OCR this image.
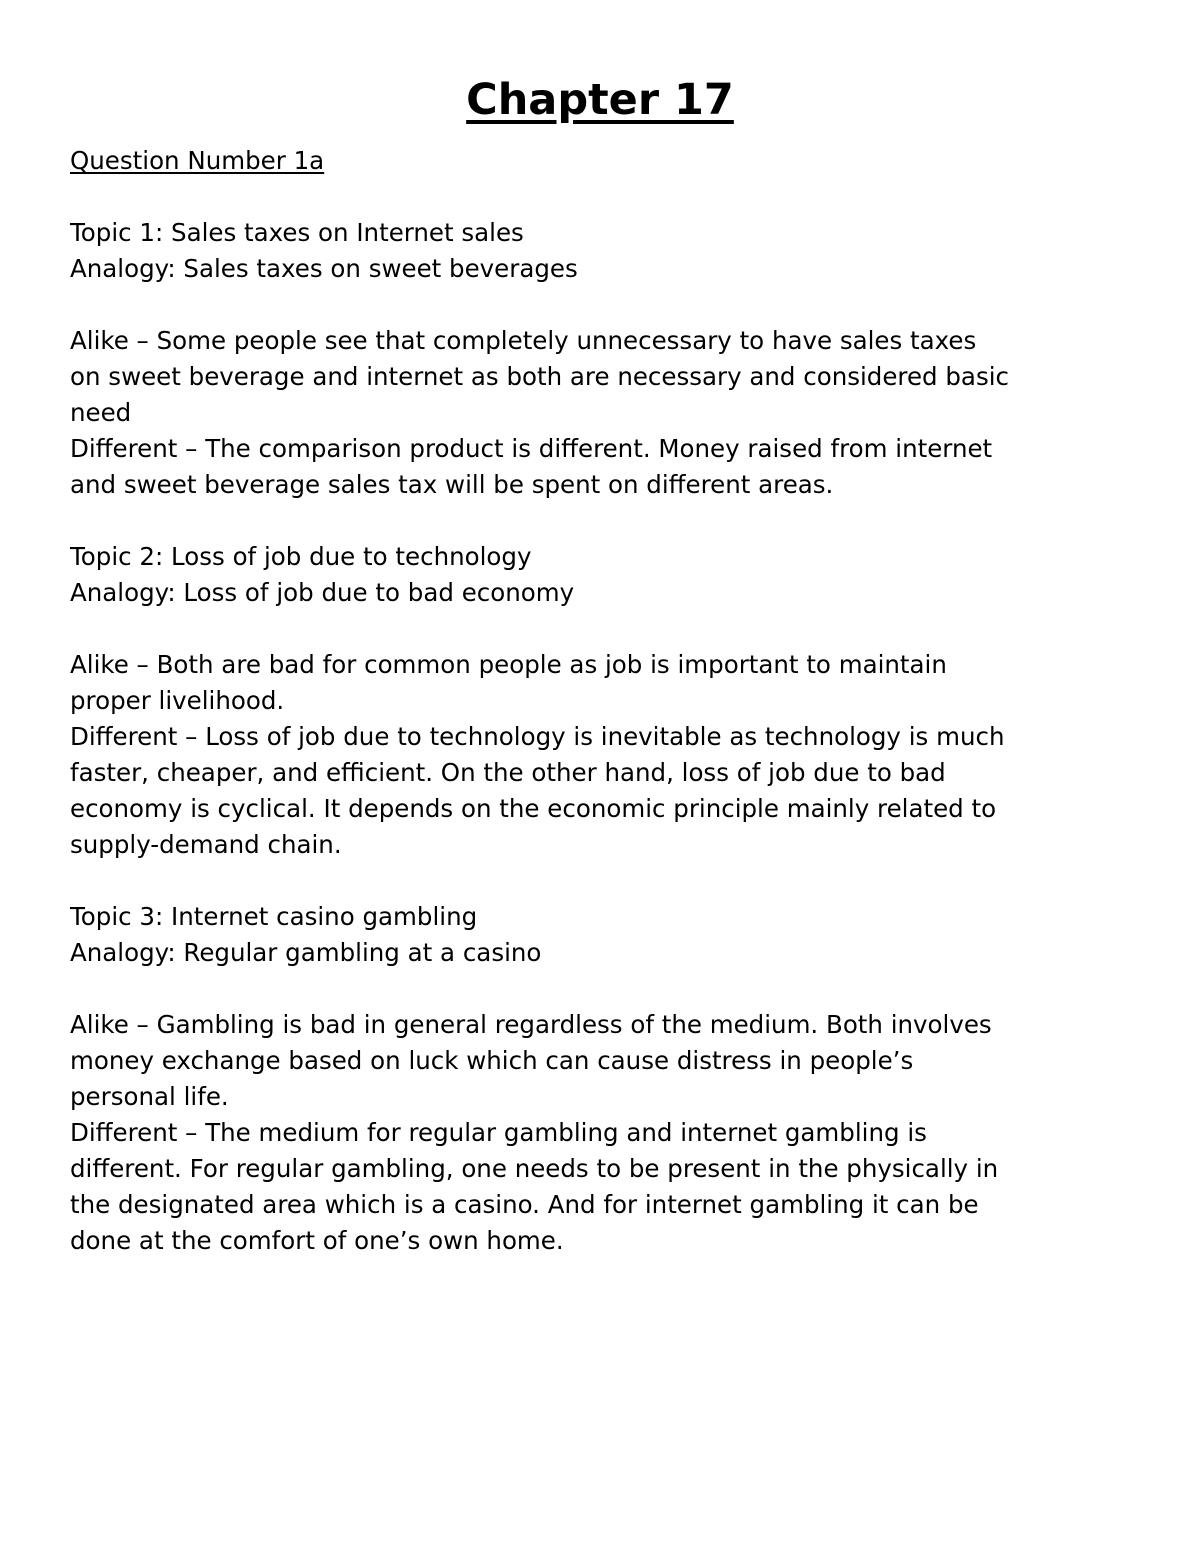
Chapter 17
Question Number 1a
Topic 1: Sales taxes on Internet sales
Analogy: Sales taxes on sweet beverages
Alike – Some people see that completely unnecessary to have sales taxes
on sweet beverage and internet as both are necessary and considered basic
need
Different – The comparison product is different. Money raised from internet
and sweet beverage sales tax will be spent on different areas.
Topic 2: Loss of job due to technology
Analogy: Loss of job due to bad economy
Alike – Both are bad for common people as job is important to maintain
proper livelihood.
Different – Loss of job due to technology is inevitable as technology is much
faster, cheaper, and efficient. On the other hand, loss of job due to bad
economy is cyclical. It depends on the economic principle mainly related to
supply-demand chain.
Topic 3: Internet casino gambling
Analogy: Regular gambling at a casino
Alike – Gambling is bad in general regardless of the medium. Both involves
money exchange based on luck which can cause distress in people’s
personal life.
Different – The medium for regular gambling and internet gambling is
different. For regular gambling, one needs to be present in the physically in
the designated area which is a casino. And for internet gambling it can be
done at the comfort of one’s own home.
